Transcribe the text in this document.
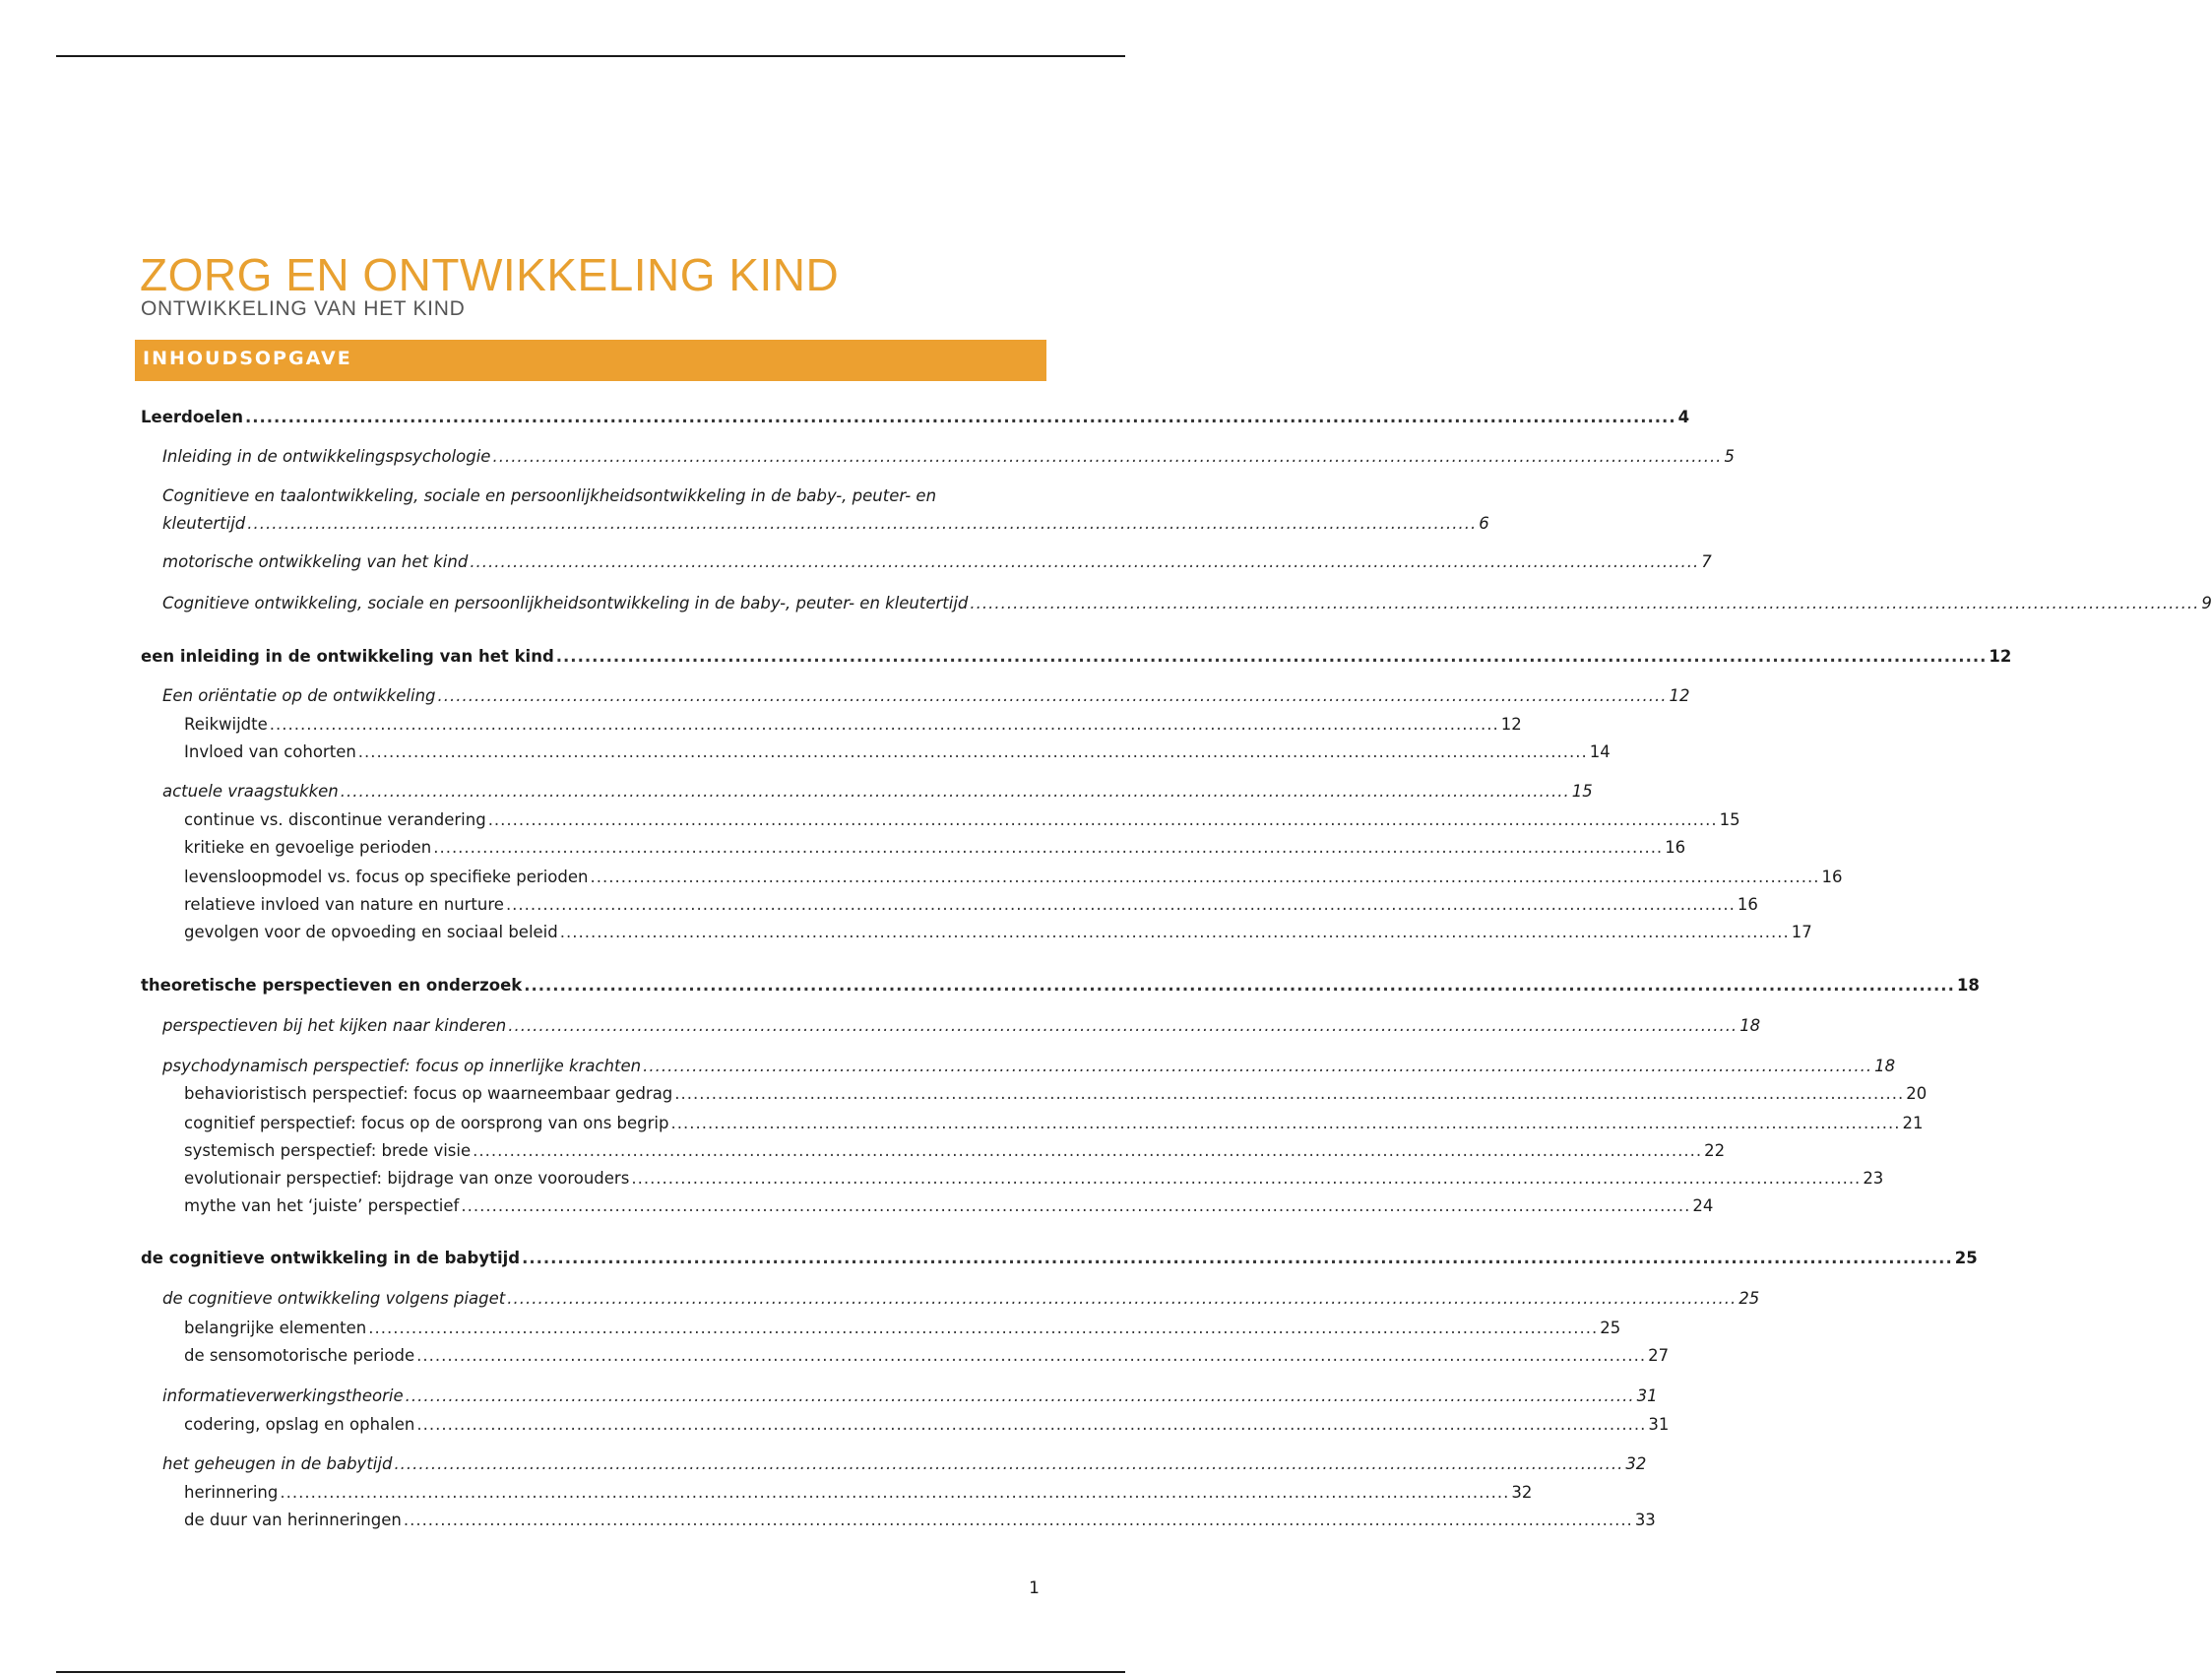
ZORG EN ONTWIKKELING KIND
ONTWIKKELING VAN HET KIND
INHOUDSOPGAVE
Leerdoelen ........................................................................................................................................................................................................ 4
Inleiding in de ontwikkelingspsychologie ........................................................................................................................................................................................................ 5
Cognitieve en taalontwikkeling, sociale en persoonlijkheidsontwikkeling in de baby-, peuter- en
kleutertijd ........................................................................................................................................................................................................ 6
motorische ontwikkeling van het kind ........................................................................................................................................................................................................ 7
Cognitieve ontwikkeling, sociale en persoonlijkheidsontwikkeling in de baby-, peuter- en kleutertijd ........................................................................................................................................................................................................ 9
een inleiding in de ontwikkeling van het kind ........................................................................................................................................................................................................ 12
Een oriëntatie op de ontwikkeling ........................................................................................................................................................................................................ 12
Reikwijdte ........................................................................................................................................................................................................ 12
Invloed van cohorten ........................................................................................................................................................................................................ 14
actuele vraagstukken ........................................................................................................................................................................................................ 15
continue vs. discontinue verandering ........................................................................................................................................................................................................ 15
kritieke en gevoelige perioden ........................................................................................................................................................................................................ 16
levensloopmodel vs. focus op specifieke perioden ........................................................................................................................................................................................................ 16
relatieve invloed van nature en nurture ........................................................................................................................................................................................................ 16
gevolgen voor de opvoeding en sociaal beleid ........................................................................................................................................................................................................ 17
theoretische perspectieven en onderzoek ........................................................................................................................................................................................................ 18
perspectieven bij het kijken naar kinderen ........................................................................................................................................................................................................ 18
psychodynamisch perspectief: focus op innerlijke krachten ........................................................................................................................................................................................................ 18
behavioristisch perspectief: focus op waarneembaar gedrag ........................................................................................................................................................................................................ 20
cognitief perspectief: focus op de oorsprong van ons begrip ........................................................................................................................................................................................................ 21
systemisch perspectief: brede visie ........................................................................................................................................................................................................ 22
evolutionair perspectief: bijdrage van onze voorouders ........................................................................................................................................................................................................ 23
mythe van het ‘juiste’ perspectief ........................................................................................................................................................................................................ 24
de cognitieve ontwikkeling in de babytijd ........................................................................................................................................................................................................ 25
de cognitieve ontwikkeling volgens piaget ........................................................................................................................................................................................................ 25
belangrijke elementen ........................................................................................................................................................................................................ 25
de sensomotorische periode ........................................................................................................................................................................................................ 27
informatieverwerkingstheorie ........................................................................................................................................................................................................ 31
codering, opslag en ophalen ........................................................................................................................................................................................................ 31
het geheugen in de babytijd ........................................................................................................................................................................................................ 32
herinnering ........................................................................................................................................................................................................ 32
de duur van herinneringen ........................................................................................................................................................................................................ 33
1
